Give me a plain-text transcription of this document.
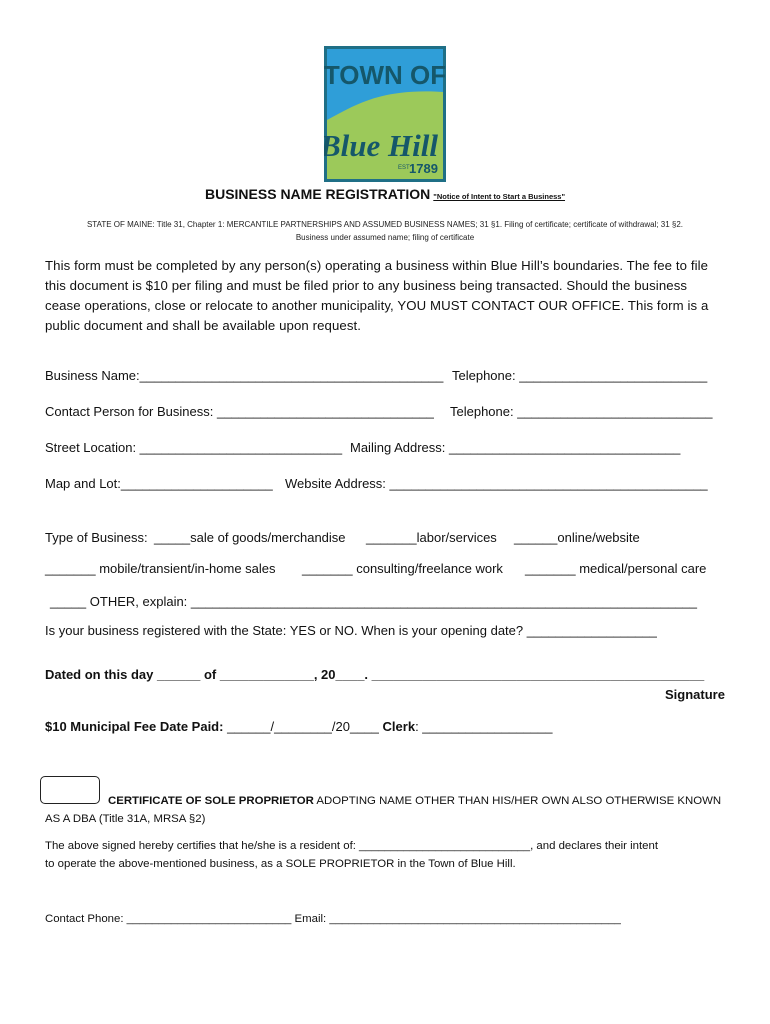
TOWN OF
Blue Hill
EST 1789
BUSINESS NAME REGISTRATION "Notice of Intent to Start a Business"
STATE OF MAINE: Title 31, Chapter 1: MERCANTILE PARTNERSHIPS AND ASSUMED BUSINESS NAMES; 31 §1. Filing of certificate; certificate of withdrawal; 31 §2.
Business under assumed name; filing of certificate
This form must be completed by any person(s) operating a business within Blue Hill’s boundaries. The fee to file
this document is $10 per filing and must be filed prior to any business being transacted. Should the business
cease operations, close or relocate to another municipality, YOU MUST CONTACT OUR OFFICE. This form is a
public document and shall be available upon request.
Business Name:__________________________________________ Telephone: __________________________
Contact Person for Business: ______________________________ Telephone: ___________________________
Street Location: ____________________________ Mailing Address: ________________________________
Map and Lot:_____________________ Website Address: ____________________________________________
Type of Business: _____sale of goods/merchandise _______labor/services ______online/website
_______ mobile/transient/in-home sales _______ consulting/freelance work _______ medical/personal care
_____ OTHER, explain: ______________________________________________________________________
Is your business registered with the State: YES or NO. When is your opening date? __________________
Dated on this day ______ of _____________, 20____. ______________________________________________
Signature
$10 Municipal Fee Date Paid: ______/________/20____ Clerk: __________________
CERTIFICATE OF SOLE PROPRIETOR ADOPTING NAME OTHER THAN HIS/HER OWN ALSO OTHERWISE KNOWN
AS A DBA (Title 31A, MRSA §2)
The above signed hereby certifies that he/she is a resident of: ___________________________, and declares their intent
to operate the above-mentioned business, as a SOLE PROPRIETOR in the Town of Blue Hill.
Contact Phone: __________________________ Email: ______________________________________________
